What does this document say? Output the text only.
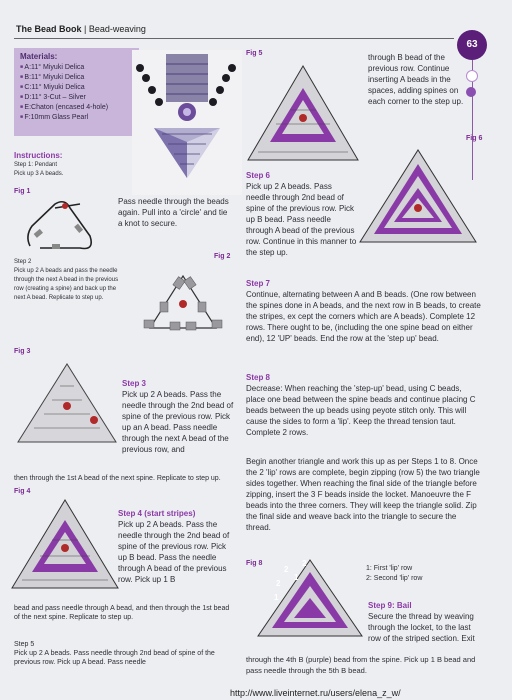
The Bead Book | Bead-weaving
63
Materials:
■ A:11° Miyuki Delica
■ B:11° Miyuki Delica
■ C:11° Miyuki Delica
■ D:11° 3-Cut – Silver
■ E:Chaton (encased 4-hole)
■ F:10mm Glass Pearl
Instructions:
Step 1: Pendant
Pick up 3 A beads.
Fig 1
Pass needle through the beads again. Pull into a 'circle' and tie a knot to secure.
Step 2
Pick up 2 A beads and pass the needle through the next A bead in the previous row (creating a spine) and back up the next A bead. Replicate to step up.
Fig 2
Fig 3
Step 3
Pick up 2 A beads. Pass the needle through the 2nd bead of spine of the previous row. Pick up an A bead. Pass needle through the next A bead of the previous row, and
then through the 1st A bead of the next spine. Replicate to step up.
Fig 4
Step 4 (start stripes)
Pick up 2 A beads. Pass the needle through the 2nd bead of spine of the previous row. Pick up B bead. Pass the needle through A bead of the previous row. Pick up 1 B
bead and pass needle through A bead, and then through the 1st bead of the next spine. Replicate to step up.
Step 5
Pick up 2 A beads. Pass needle through 2nd bead of spine of the previous row. Pick up A bead. Pass needle
Fig 5	through B bead of the previous row. Continue inserting A beads in the spaces, adding spines on each corner to the step up.
Fig 6
Step 6
Pick up 2 A beads. Pass needle through 2nd bead of spine of the previous row. Pick up B bead. Pass needle through A bead of the previous row. Continue in this manner to the step up.
Step 7
Continue, alternating between A and B beads. (One row between the spines done in A beads, and the next row in B beads, to create the stripes, ex cept the corners which are A beads). Complete 12 rows. There ought to be, (including the one spine bead on either end), 12 'UP' beads. End the row at the 'step up' bead.
Step 8
Decrease: When reaching the 'step-up' bead, using C beads, place one bead between the spine beads and continue placing C beads between the up beads using peyote stitch only. This will cause the sides to form a 'lip'. Keep the thread tension taut. Complete 2 rows.
Begin another triangle and work this up as per Steps 1 to 8. Once the 2 'lip' rows are complete, begin zipping (row 5) the two triangle sides together. When reaching the final side of the triangle before zipping, insert the 3 F beads inside the locket. Manoeuvre the F beads into the three corners. They will keep the triangle solid. Zip the final side and weave back into the triangle to secure the thread.
Fig 8
2
1
2
2
1
1: First 'lip' row
2: Second 'lip' row
Step 9: Bail
Secure the thread by weaving through the locket, to the last row of the striped section. Exit
through the 4th B (purple) bead from the spine. Pick up 1 B bead and pass needle through the 5th B bead.
http://www.liveinternet.ru/users/elena_z_w/
